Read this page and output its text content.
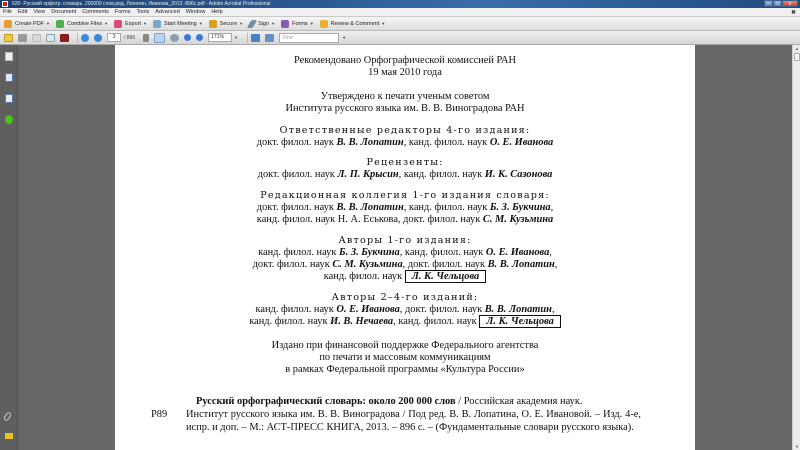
620- Русский орфогр. словарь. 200000 слов,ред. Лопатин, Иванова_2013 -896с.pdf - Adobe Acrobat Professional	–	□	x
File Edit View Document Comments Forms Tools Advanced Window Help	✖
Create PDF ▼	Combine Files ▼	Export ▼	Start Meeting ▼	Secure ▼	Sign ▼	Forms ▼	Review & Comment ▼
3	/ 896	171%	▼	Find	▼
Рекомендовано Орфографической комиссией РАН
19 мая 2010 года
Утверждено к печати ученым советом
Института русского языка им. В. В. Виноградова РАН
Ответственные редакторы 4-го издания:
докт. филол. наук В. В. Лопатин, канд. филол. наук О. Е. Иванова
Рецензенты:
докт. филол. наук Л. П. Крысин, канд. филол. наук И. К. Сазонова
Редакционная коллегия 1-го издания словаря:
докт. филол. наук В. В. Лопатин, канд. филол. наук Б. З. Букчина,
канд. филол. наук Н. А. Еськова, докт. филол. наук С. М. Кузьмина
Авторы 1-го издания:
канд. филол. наук Б. З. Букчина, канд. филол. наук О. Е. Иванова,
докт. филол. наук С. М. Кузьмина, докт. филол. наук В. В. Лопатин,
канд. филол. наук Л. К. Чельцова
Авторы 2–4-го изданий:
канд. филол. наук О. Е. Иванова, докт. филол. наук В. В. Лопатин,
канд. филол. наук И. В. Нечаева, канд. филол. наук Л. К. Чельцова
Издано при финансовой поддержке Федерального агентства
по печати и массовым коммуникациям
в рамках Федеральной программы «Культура России»
Русский орфографический словарь: около 200 000 слов / Российская академия наук.
Р89 Институт русского языка им. В. В. Виноградова / Под ред. В. В. Лопатина, О. Е. Ивановой. – Изд. 4-е, испр. и доп. – М.: АСТ-ПРЕСС КНИГА, 2013. – 896 с. – (Фундаментальные словари русского языка).
▲
▼
